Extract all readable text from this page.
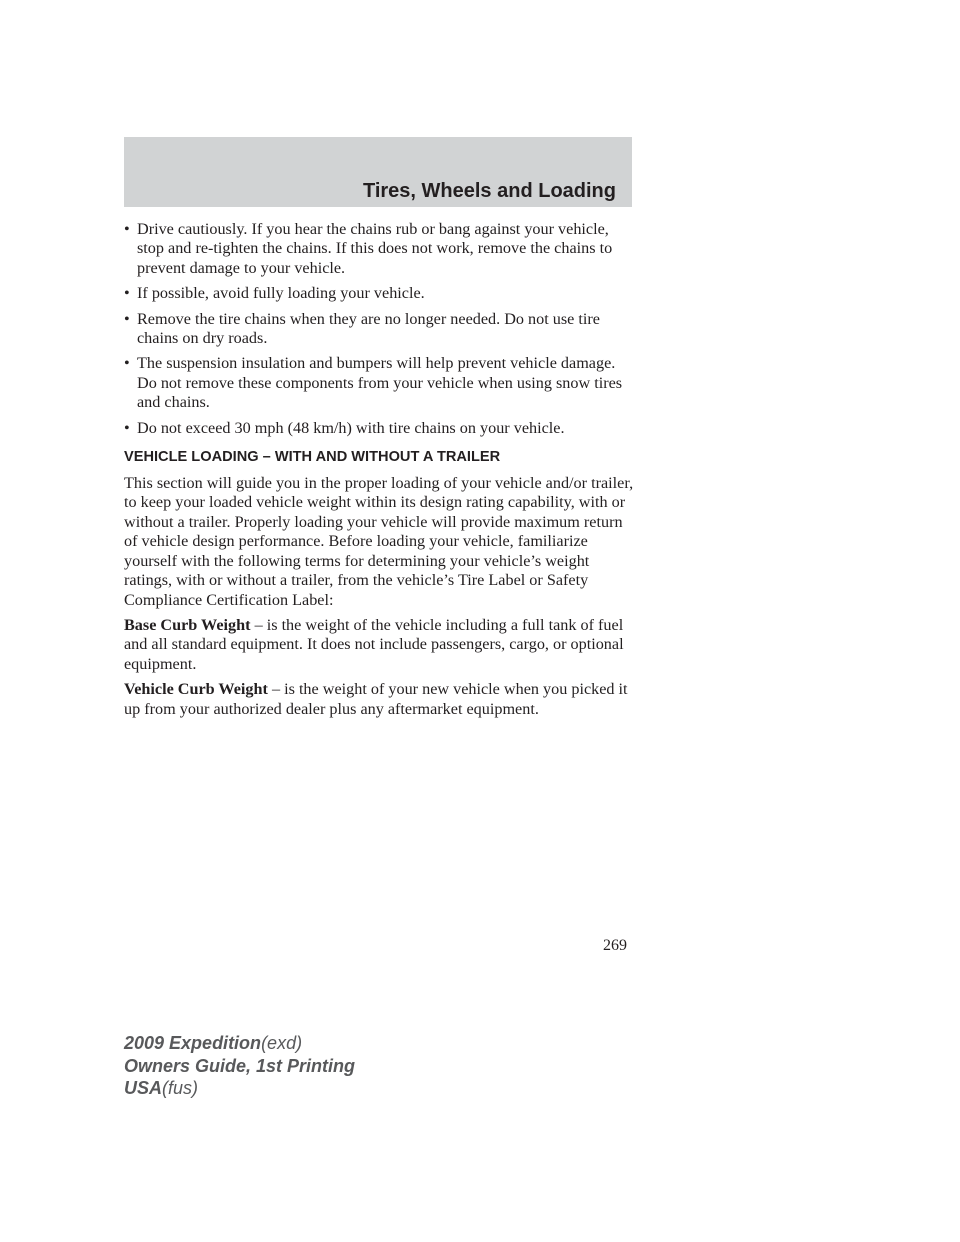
Tires, Wheels and Loading
• Drive cautiously. If you hear the chains rub or bang against your vehicle, stop and re-tighten the chains. If this does not work, remove the chains to prevent damage to your vehicle.
• If possible, avoid fully loading your vehicle.
• Remove the tire chains when they are no longer needed. Do not use tire chains on dry roads.
• The suspension insulation and bumpers will help prevent vehicle damage. Do not remove these components from your vehicle when using snow tires and chains.
• Do not exceed 30 mph (48 km/h) with tire chains on your vehicle.
VEHICLE LOADING – WITH AND WITHOUT A TRAILER

This section will guide you in the proper loading of your vehicle and/or trailer, to keep your loaded vehicle weight within its design rating capability, with or without a trailer. Properly loading your vehicle will provide maximum return of vehicle design performance. Before loading your vehicle, familiarize yourself with the following terms for determining your vehicle’s weight ratings, with or without a trailer, from the vehicle’s Tire Label or Safety Compliance Certification Label:

Base Curb Weight – is the weight of the vehicle including a full tank of fuel and all standard equipment. It does not include passengers, cargo, or optional equipment.

Vehicle Curb Weight – is the weight of your new vehicle when you picked it up from your authorized dealer plus any aftermarket equipment.

269

2009 Expedition(exd)
Owners Guide, 1st Printing
USA(fus)
